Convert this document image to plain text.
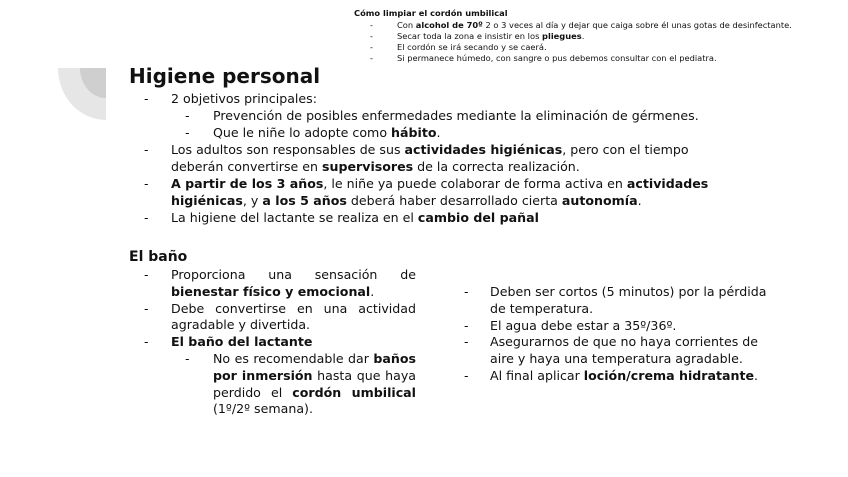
Cómo limpiar el cordón umbilical
- Con alcohol de 70º 2 o 3 veces al día y dejar que caiga sobre él unas gotas de desinfectante.
- Secar toda la zona e insistir en los pliegues.
- El cordón se irá secando y se caerá.
- Si permanece húmedo, con sangre o pus debemos consultar con el pediatra.
Higiene personal
- 2 objetivos principales:
- Prevención de posibles enfermedades mediante la eliminación de gérmenes.
- Que le niñe lo adopte como hábito.
- Los adultos son responsables de sus actividades higiénicas, pero con el tiempo deberán convertirse en supervisores de la correcta realización.
- A partir de los 3 años, le niñe ya puede colaborar de forma activa en actividades higiénicas, y a los 5 años deberá haber desarrollado cierta autonomía.
- La higiene del lactante se realiza en el cambio del pañal
El baño
- Proporciona una sensación de bienestar físico y emocional.
- Debe convertirse en una actividad agradable y divertida.
- El baño del lactante
- No es recomendable dar baños por inmersión hasta que haya perdido el cordón umbilical (1º/2º semana).
- Deben ser cortos (5 minutos) por la pérdida de temperatura.
- El agua debe estar a 35º/36º.
- Asegurarnos de que no haya corrientes de aire y haya una temperatura agradable.
- Al final aplicar loción/crema hidratante.
